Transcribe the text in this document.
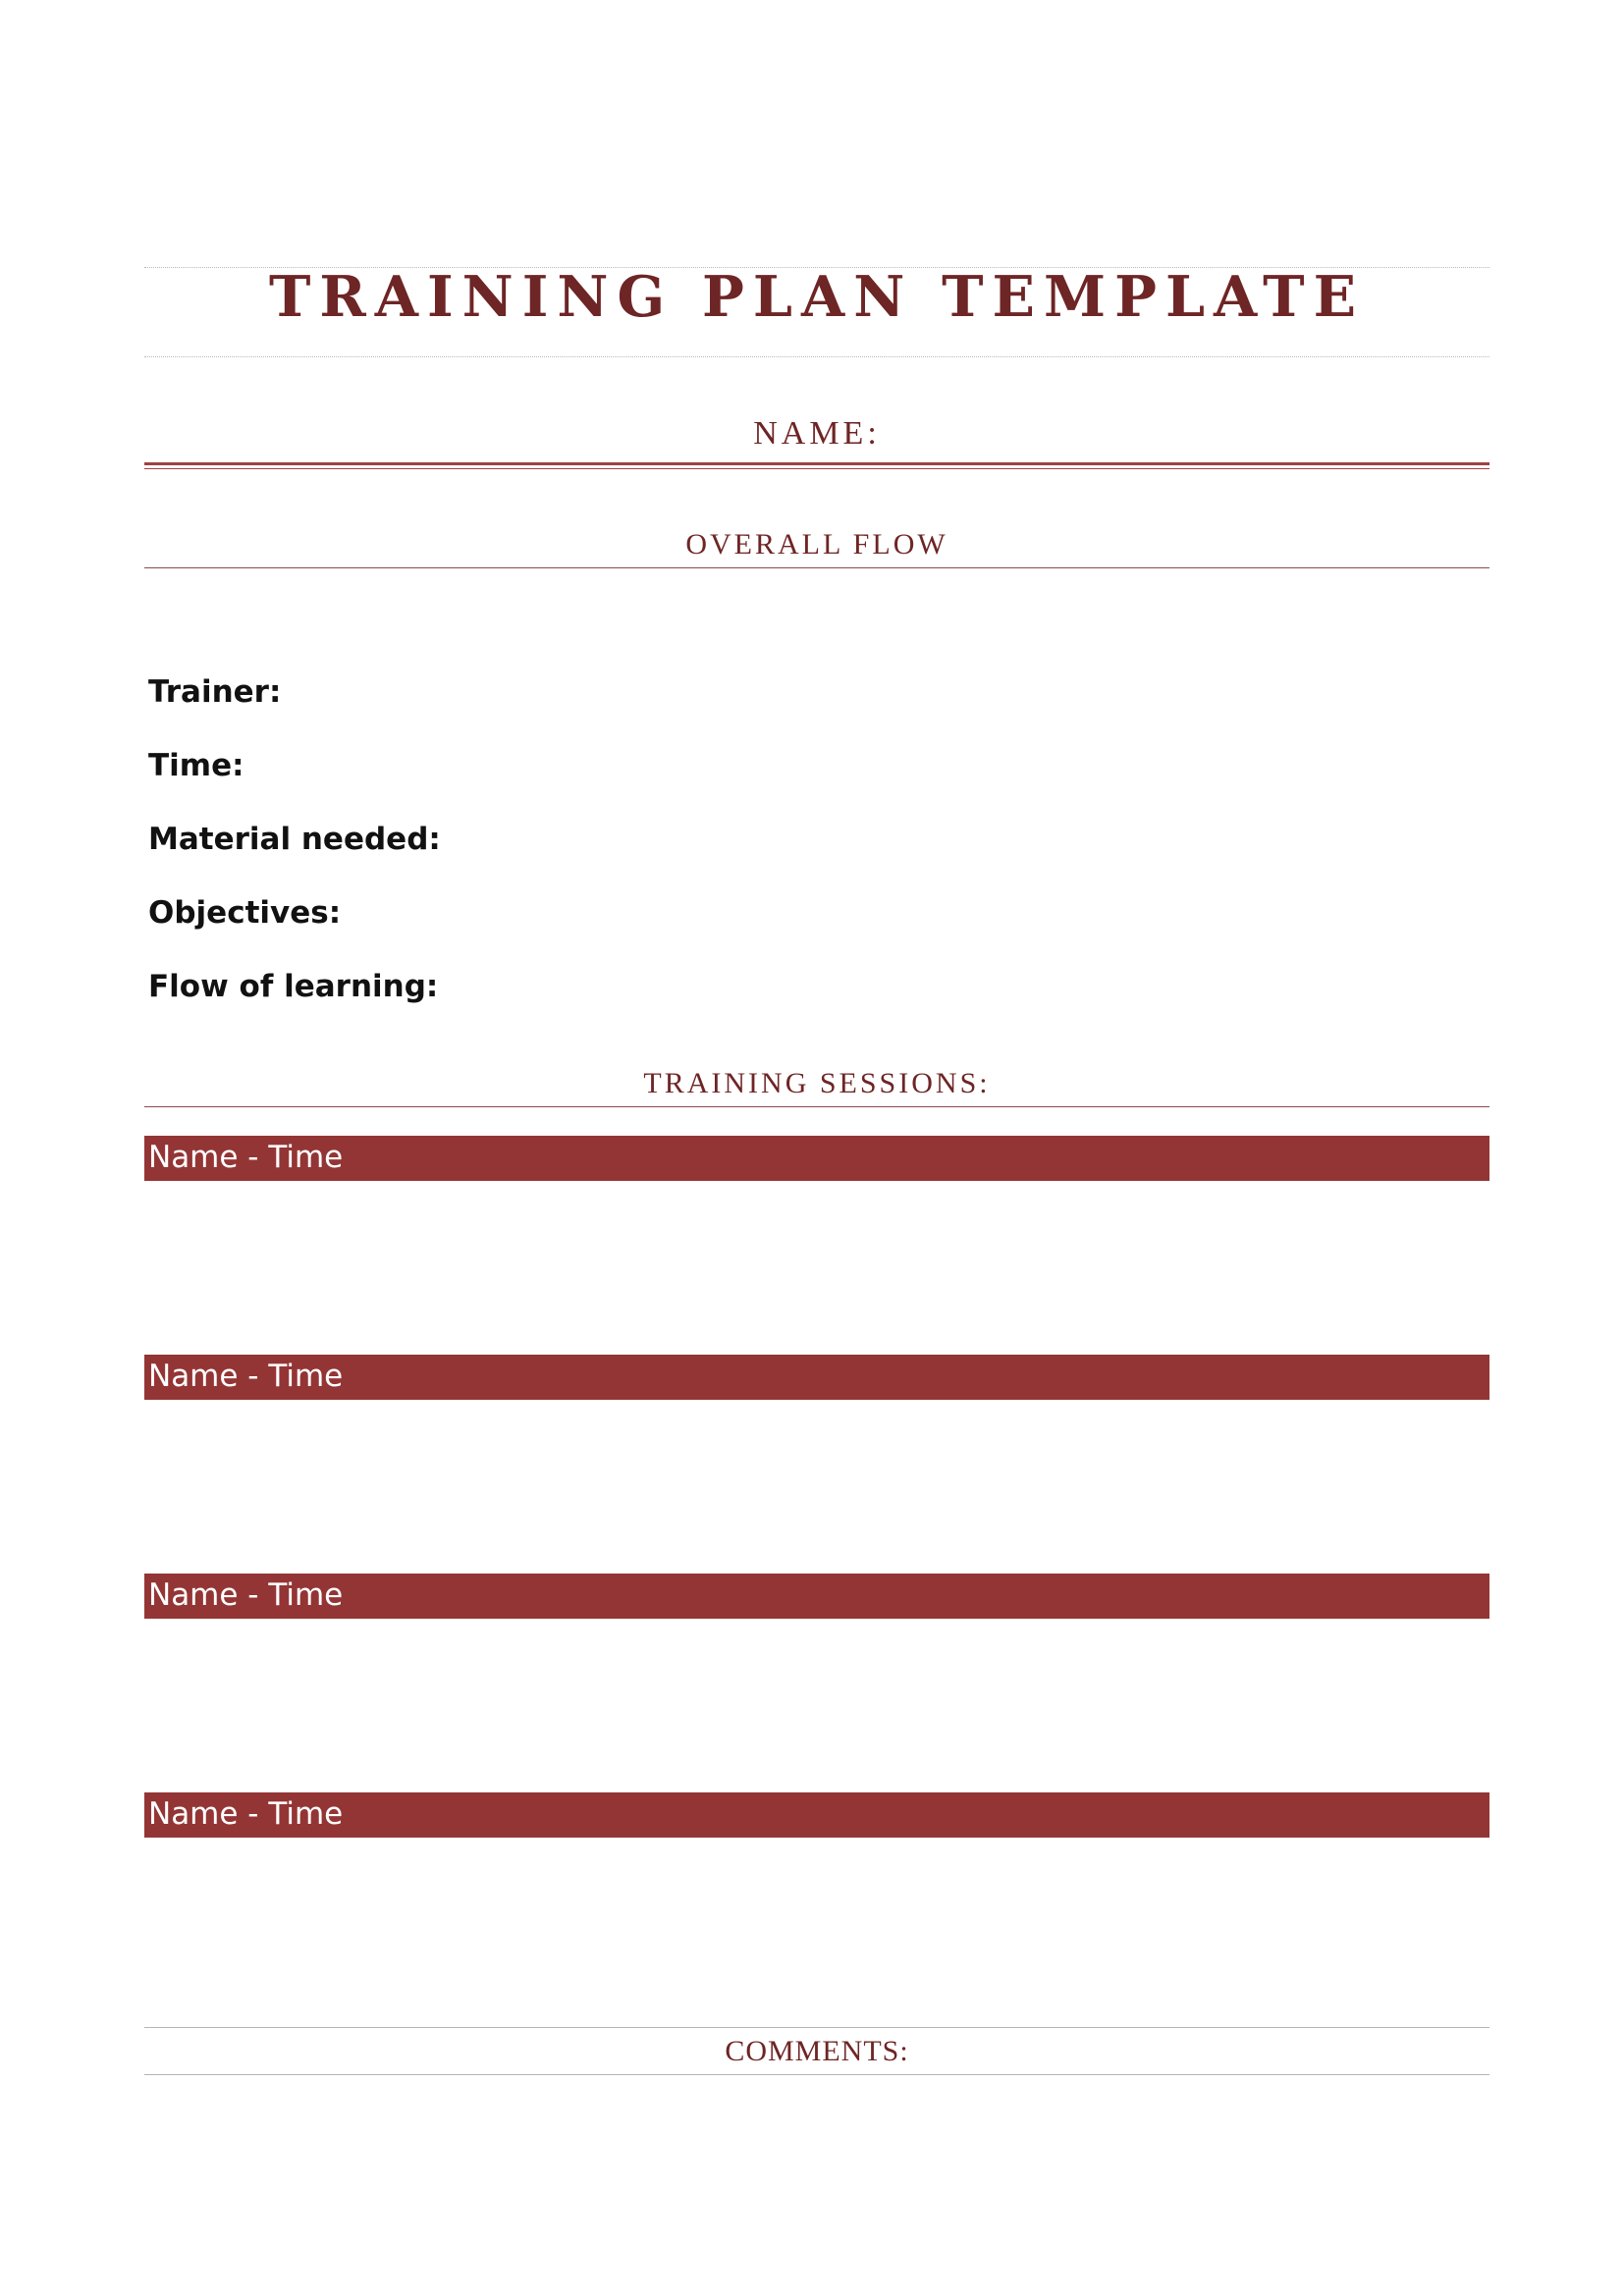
TRAINING PLAN TEMPLATE
NAME:
OVERALL FLOW
Trainer:
Time:
Material needed:
Objectives:
Flow of learning:
TRAINING SESSIONS:
Name - Time
Name - Time
Name - Time
Name - Time
COMMENTS:
